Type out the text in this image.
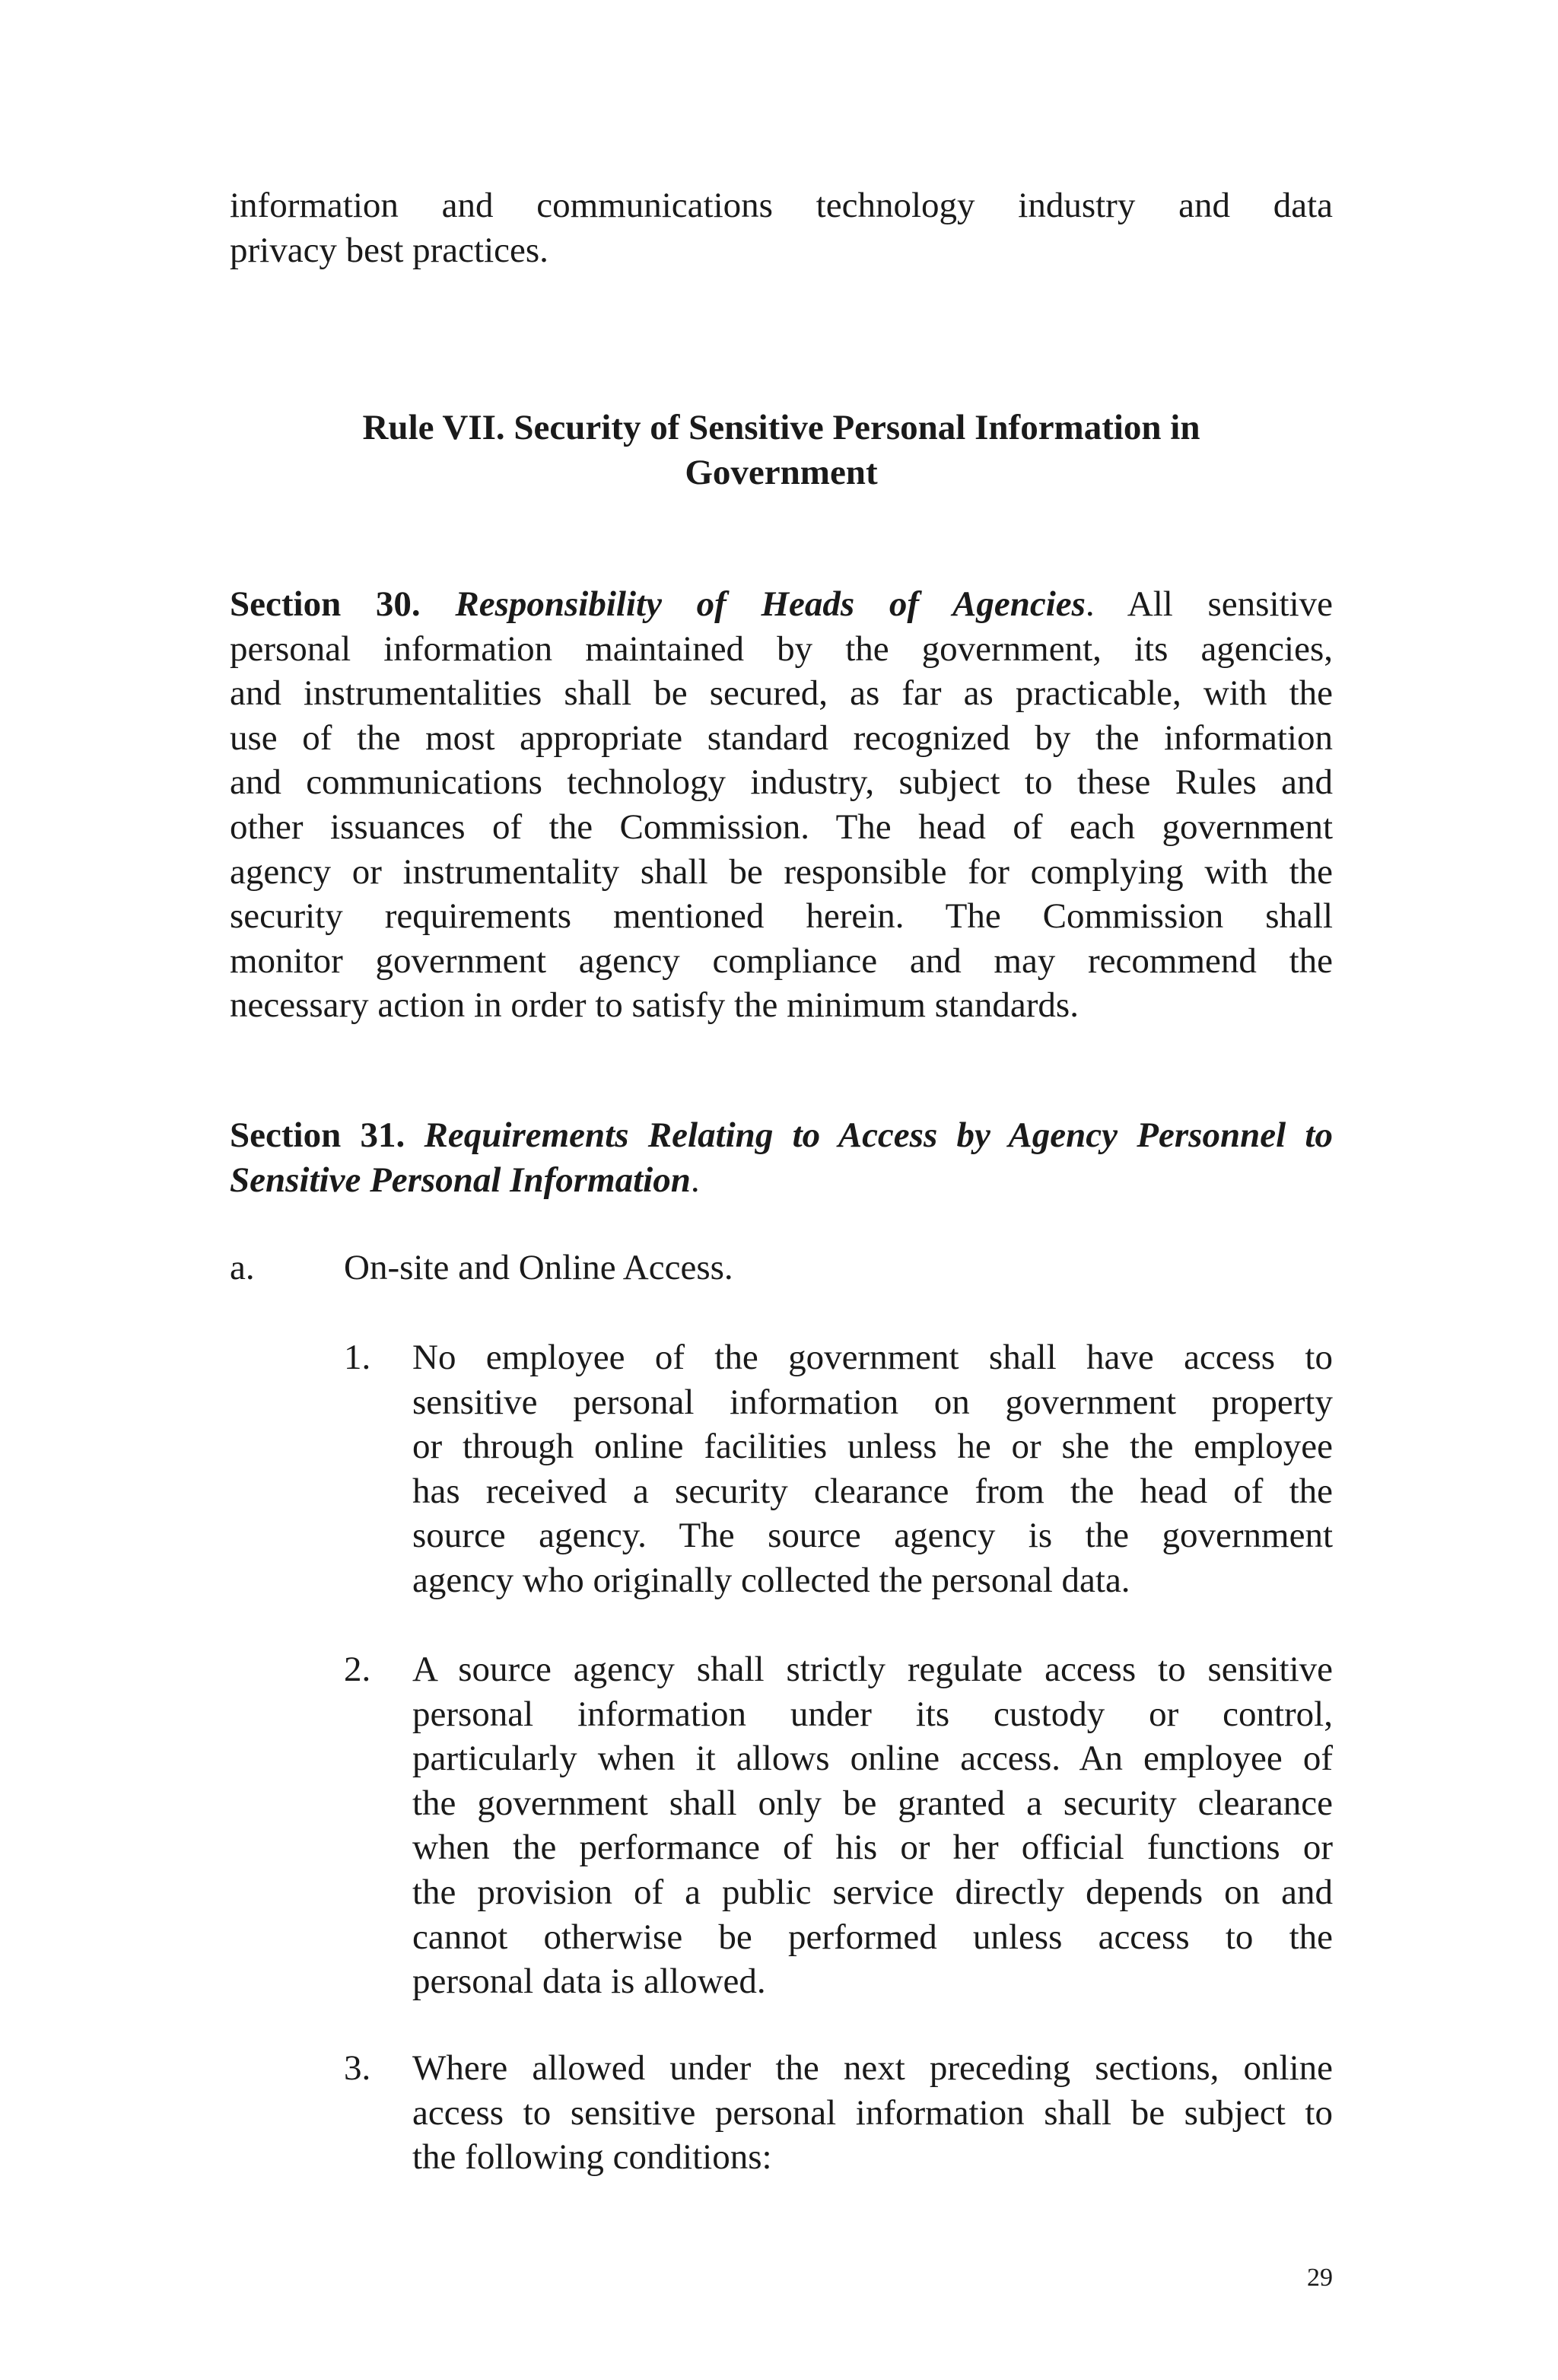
information and communications technology industry and data
privacy best practices.
Rule VII. Security of Sensitive Personal Information in
Government
Section 30. Responsibility of Heads of Agencies. All sensitive
personal information maintained by the government, its agencies,
and instrumentalities shall be secured, as far as practicable, with the
use of the most appropriate standard recognized by the information
and communications technology industry, subject to these Rules and
other issuances of the Commission. The head of each government
agency or instrumentality shall be responsible for complying with the
security requirements mentioned herein. The Commission shall
monitor government agency compliance and may recommend the
necessary action in order to satisfy the minimum standards.
Section 31. Requirements Relating to Access by Agency Personnel to
Sensitive Personal Information.
a. On-site and Online Access.
1. No employee of the government shall have access to
sensitive personal information on government property
or through online facilities unless he or she the employee
has received a security clearance from the head of the
source agency. The source agency is the government
agency who originally collected the personal data.
2. A source agency shall strictly regulate access to sensitive
personal information under its custody or control,
particularly when it allows online access. An employee of
the government shall only be granted a security clearance
when the performance of his or her official functions or
the provision of a public service directly depends on and
cannot otherwise be performed unless access to the
personal data is allowed.
3. Where allowed under the next preceding sections, online
access to sensitive personal information shall be subject to
the following conditions:
29
